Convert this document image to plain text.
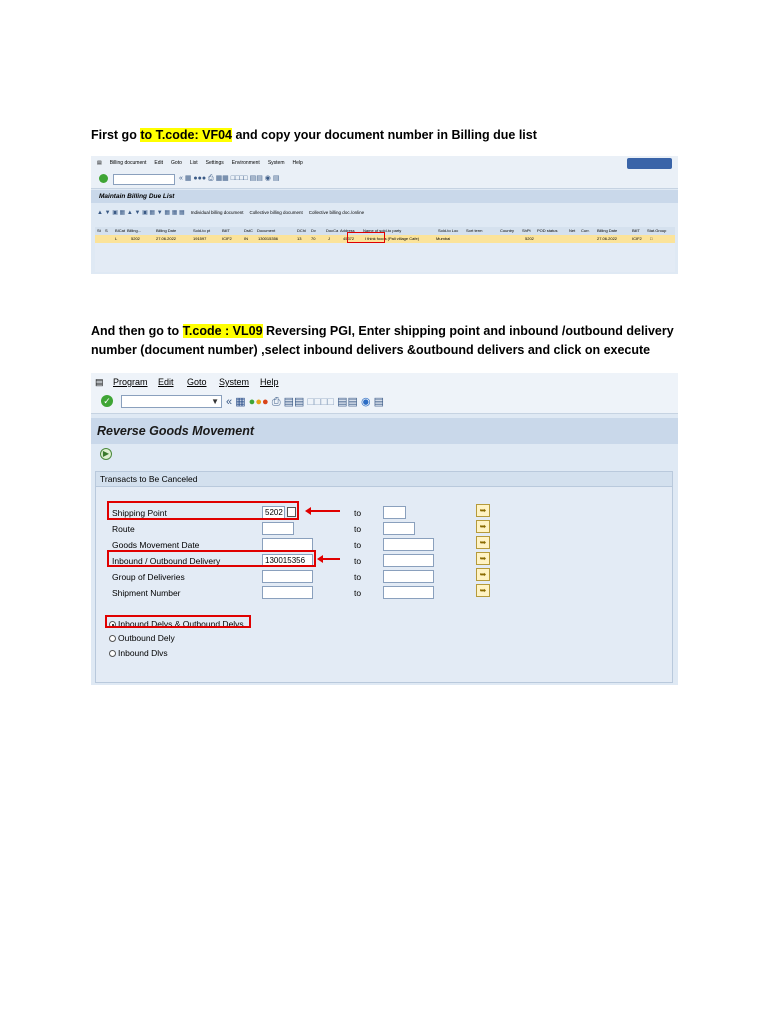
First go to T.code: VF04 and copy your document number in Billing due list
▤ Billing document Edit Goto List Settings Environment System Help
« ▦ ●●● ⎙ ▦▦ □□□□ ▤▤ ◉ ▤
Maintain Billing Due List
▲ ▼ ▣ ▦ ▲ ▼ ▣ ▦ ▼ ▦ ▦ ▦ Individual billing document Collective billing document Collective billing doc./online
St S BICat Billing...	Billing Date	Sold-to pt	BillT	DstC Document	DChl Dv	DocCa Address Name of sold-to party	Sold-to Loc Sort term	Country ShPt POD status	Net Curr. Billing Date	BillT Stat.Group
L	5202	27.06.2022	191597	ICIF2	IN	130015356	13 70	J	45372	I think foods (Pali village Cafe)	Mumbai	5202	27.06.2022	ICIF2 □
And then go to T.code : VL09 Reversing PGI, Enter shipping point and inbound /outbound delivery
number (document number) ,select inbound delivers &outbound delivers and click on execute
▤ Program Edit Goto System Help
✓	▼ « ▦ ●●● ⎙ ▤▤ □□□□ ▤▤ ◉ ▤
Reverse Goods Movement
▶
Transacts to Be Canceled
Shipping Point	5202	to	➥
Route	to	➥
Goods Movement Date	to	➥
Inbound / Outbound Delivery	130015356	to	➥
Group of Deliveries	to	➥
Shipment Number	to	➥
Inbound Delvs & Outbound Delvs
Outbound Dely
Inbound Dlvs
